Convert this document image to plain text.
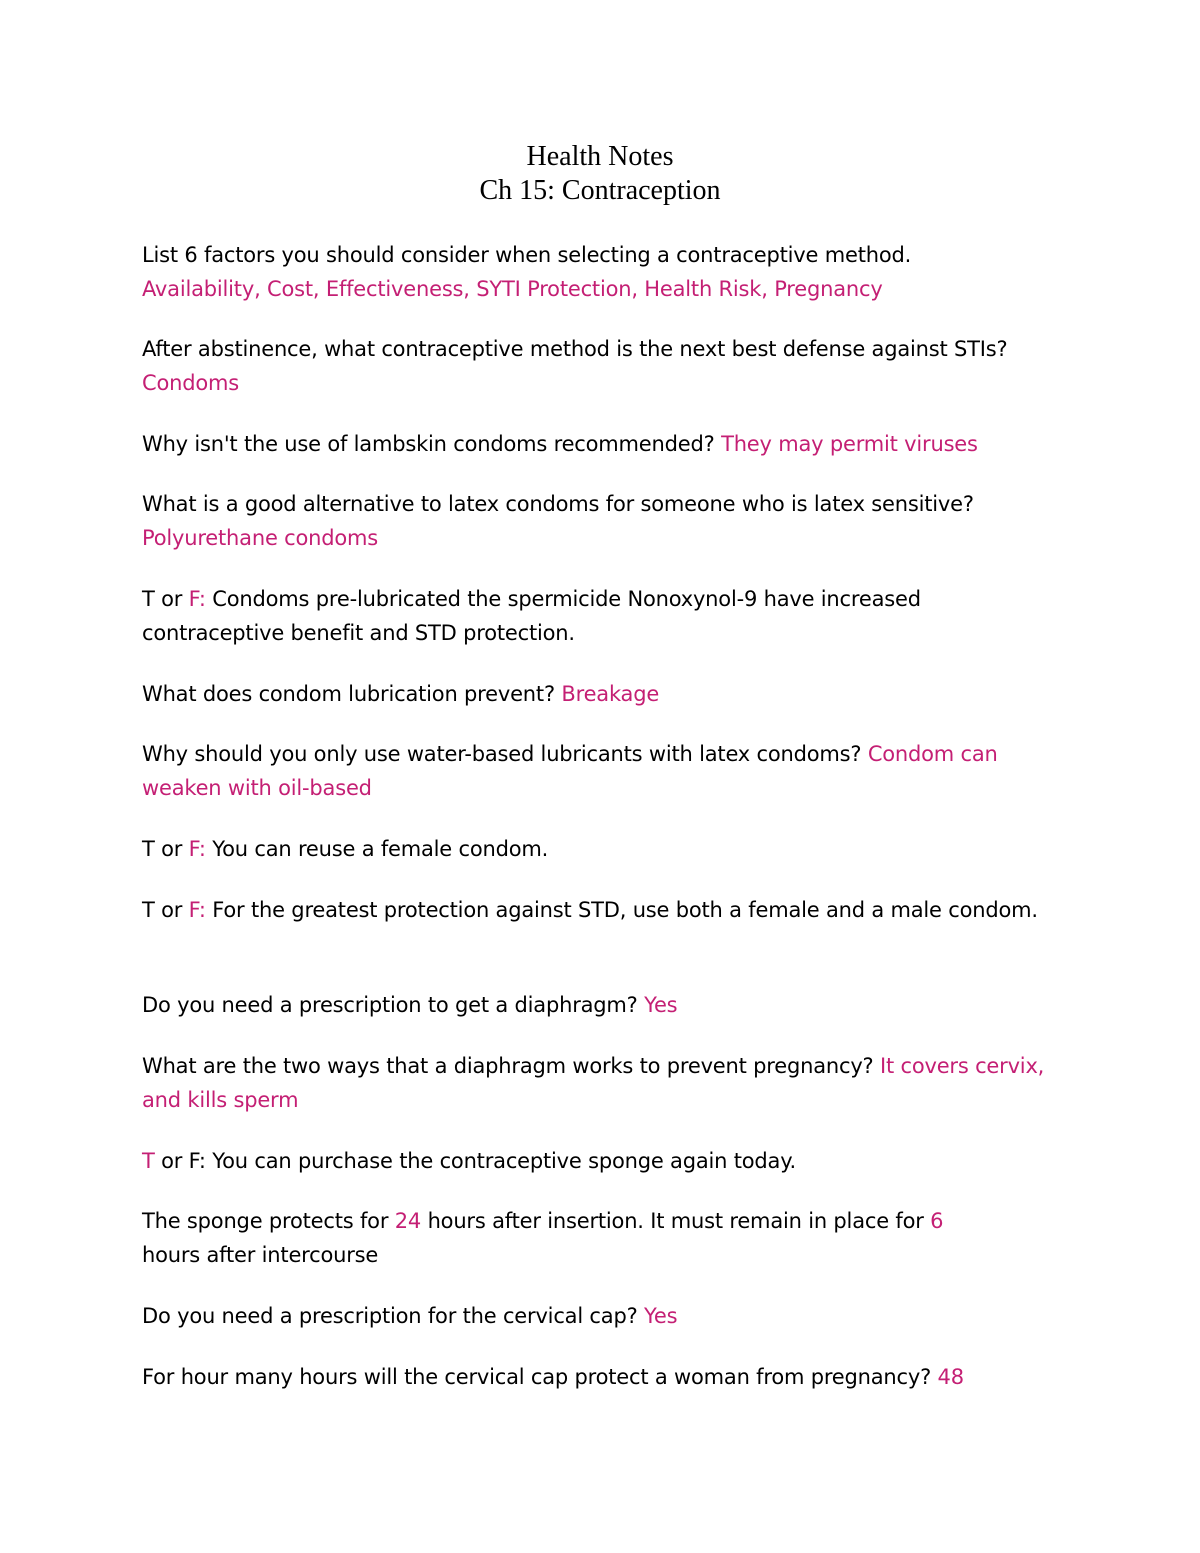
Health Notes
Ch 15: Contraception
List 6 factors you should consider when selecting a contraceptive method.
Availability, Cost, Effectiveness, SYTI Protection, Health Risk, Pregnancy
After abstinence, what contraceptive method is the next best defense against STIs? Condoms
Why isn't the use of lambskin condoms recommended? They may permit viruses
What is a good alternative to latex condoms for someone who is latex sensitive?
Polyurethane condoms
T or F: Condoms pre-lubricated the spermicide Nonoxynol-9 have increased contraceptive benefit and STD protection.
What does condom lubrication prevent? Breakage
Why should you only use water-based lubricants with latex condoms? Condom can weaken with oil-based
T or F: You can reuse a female condom.
T or F: For the greatest protection against STD, use both a female and a male condom.
Do you need a prescription to get a diaphragm? Yes
What are the two ways that a diaphragm works to prevent pregnancy? It covers cervix, and kills sperm
T or F: You can purchase the contraceptive sponge again today.
The sponge protects for 24 hours after insertion. It must remain in place for 6
hours after intercourse
Do you need a prescription for the cervical cap? Yes
For hour many hours will the cervical cap protect a woman from pregnancy? 48
